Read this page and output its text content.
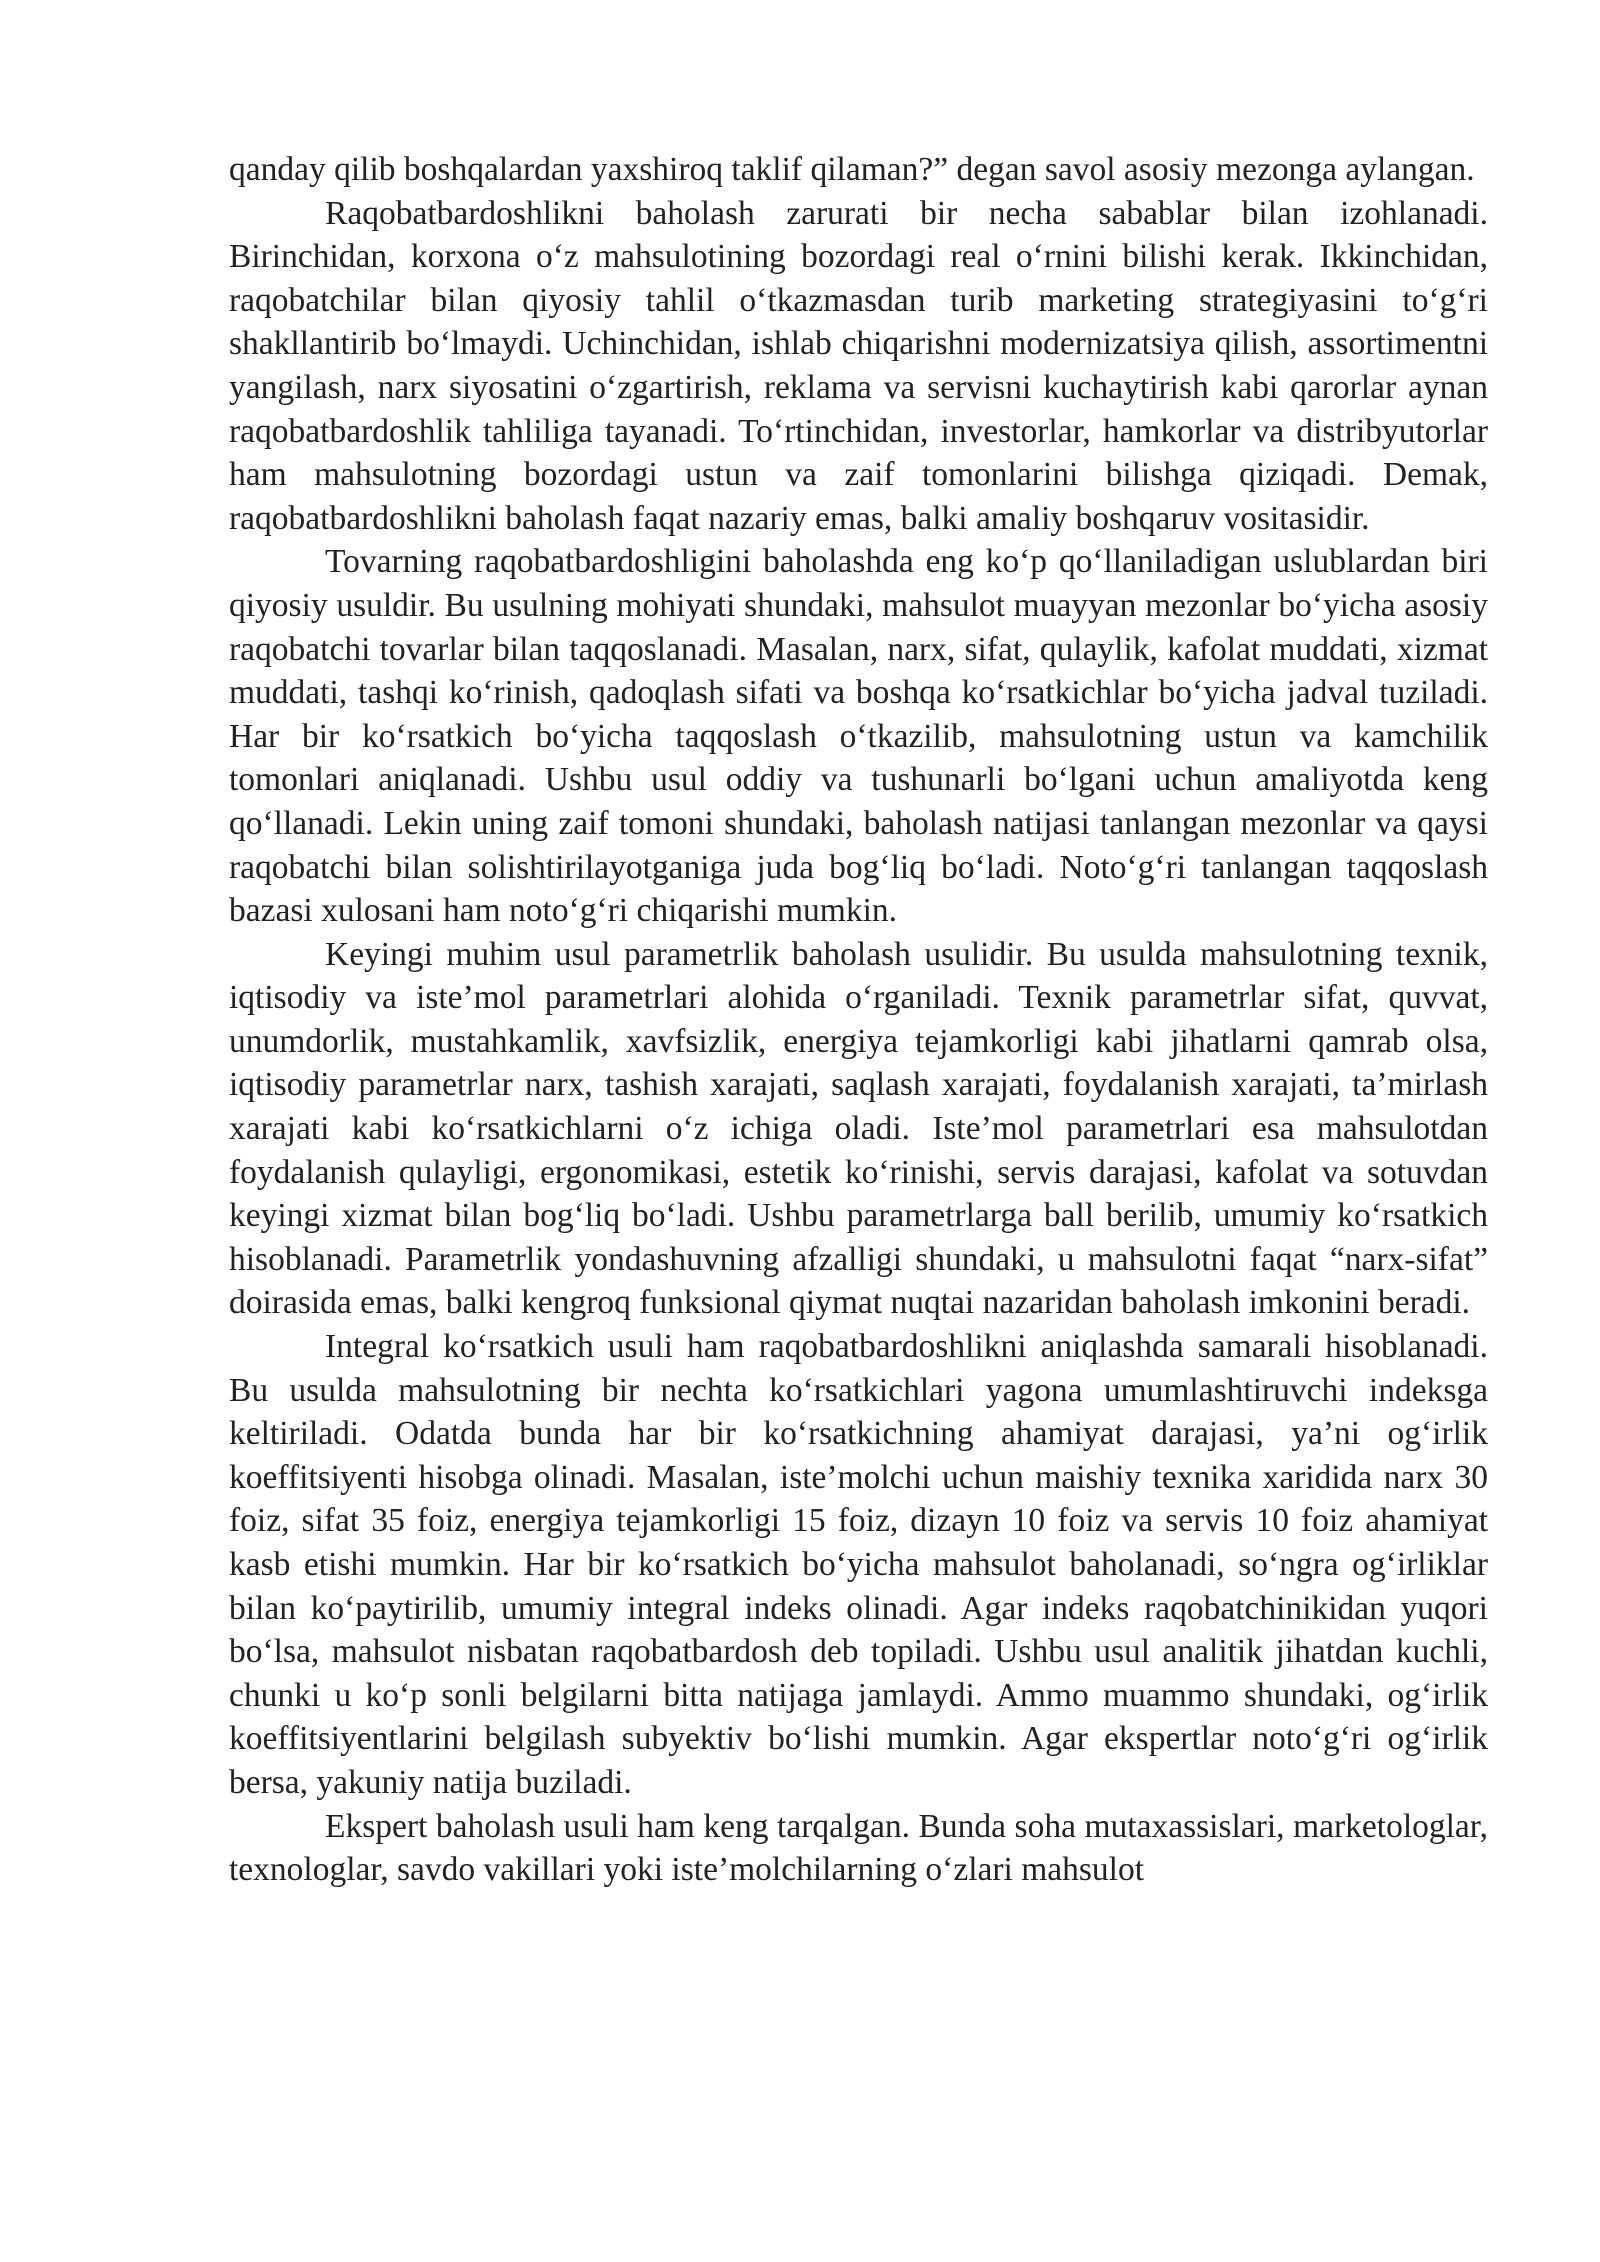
qanday qilib boshqalardan yaxshiroq taklif qilaman?” degan savol asosiy mezonga aylangan.

Raqobatbardoshlikni baholash zarurati bir necha sabablar bilan izohlanadi. Birinchidan, korxona o‘z mahsulotining bozordagi real o‘rnini bilishi kerak. Ikkinchidan, raqobatchilar bilan qiyosiy tahlil o‘tkazmasdan turib marketing strategiyasini to‘g‘ri shakllantirib bo‘lmaydi. Uchinchidan, ishlab chiqarishni modernizatsiya qilish, assortimentni yangilash, narx siyosatini o‘zgartirish, reklama va servisni kuchaytirish kabi qarorlar aynan raqobatbardoshlik tahliliga tayanadi. To‘rtinchidan, investorlar, hamkorlar va distribyutorlar ham mahsulotning bozordagi ustun va zaif tomonlarini bilishga qiziqadi. Demak, raqobatbardoshlikni baholash faqat nazariy emas, balki amaliy boshqaruv vositasidir.

Tovarning raqobatbardoshligini baholashda eng ko‘p qo‘llaniladigan uslublardan biri qiyosiy usuldir. Bu usulning mohiyati shundaki, mahsulot muayyan mezonlar bo‘yicha asosiy raqobatchi tovarlar bilan taqqoslanadi. Masalan, narx, sifat, qulaylik, kafolat muddati, xizmat muddati, tashqi ko‘rinish, qadoqlash sifati va boshqa ko‘rsatkichlar bo‘yicha jadval tuziladi. Har bir ko‘rsatkich bo‘yicha taqqoslash o‘tkazilib, mahsulotning ustun va kamchilik tomonlari aniqlanadi. Ushbu usul oddiy va tushunarli bo‘lgani uchun amaliyotda keng qo‘llanadi. Lekin uning zaif tomoni shundaki, baholash natijasi tanlangan mezonlar va qaysi raqobatchi bilan solishtirilayotganiga juda bog‘liq bo‘ladi. Noto‘g‘ri tanlangan taqqoslash bazasi xulosani ham noto‘g‘ri chiqarishi mumkin.

Keyingi muhim usul parametrlik baholash usulidir. Bu usulda mahsulotning texnik, iqtisodiy va iste’mol parametrlari alohida o‘rganiladi. Texnik parametrlar sifat, quvvat, unumdorlik, mustahkamlik, xavfsizlik, energiya tejamkorligi kabi jihatlarni qamrab olsa, iqtisodiy parametrlar narx, tashish xarajati, saqlash xarajati, foydalanish xarajati, ta’mirlash xarajati kabi ko‘rsatkichlarni o‘z ichiga oladi. Iste’mol parametrlari esa mahsulotdan foydalanish qulayligi, ergonomikasi, estetik ko‘rinishi, servis darajasi, kafolat va sotuvdan keyingi xizmat bilan bog‘liq bo‘ladi. Ushbu parametrlarga ball berilib, umumiy ko‘rsatkich hisoblanadi. Parametrlik yondashuvning afzalligi shundaki, u mahsulotni faqat “narx-sifat” doirasida emas, balki kengroq funksional qiymat nuqtai nazaridan baholash imkonini beradi.

Integral ko‘rsatkich usuli ham raqobatbardoshlikni aniqlashda samarali hisoblanadi. Bu usulda mahsulotning bir nechta ko‘rsatkichlari yagona umumlashtiruvchi indeksga keltiriladi. Odatda bunda har bir ko‘rsatkichning ahamiyat darajasi, ya’ni og‘irlik koeffitsiyenti hisobga olinadi. Masalan, iste’molchi uchun maishiy texnika xaridida narx 30 foiz, sifat 35 foiz, energiya tejamkorligi 15 foiz, dizayn 10 foiz va servis 10 foiz ahamiyat kasb etishi mumkin. Har bir ko‘rsatkich bo‘yicha mahsulot baholanadi, so‘ngra og‘irliklar bilan ko‘paytirilib, umumiy integral indeks olinadi. Agar indeks raqobatchinikidan yuqori bo‘lsa, mahsulot nisbatan raqobatbardosh deb topiladi. Ushbu usul analitik jihatdan kuchli, chunki u ko‘p sonli belgilarni bitta natijaga jamlaydi. Ammo muammo shundaki, og‘irlik koeffitsiyentlarini belgilash subyektiv bo‘lishi mumkin. Agar ekspertlar noto‘g‘ri og‘irlik bersa, yakuniy natija buziladi.

Ekspert baholash usuli ham keng tarqalgan. Bunda soha mutaxassislari, marketologlar, texnologlar, savdo vakillari yoki iste’molchilarning o‘zlari mahsulot
